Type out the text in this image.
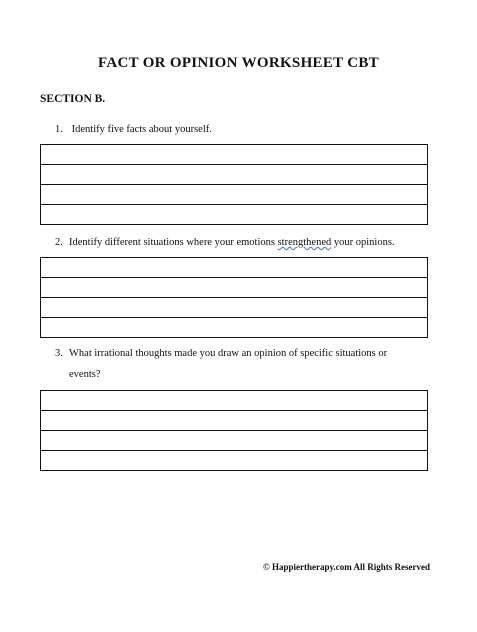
FACT OR OPINION WORKSHEET CBT
SECTION B.
1. Identify five facts about yourself.
2. Identify different situations where your emotions strengthened your opinions.
3. What irrational thoughts made you draw an opinion of specific situations or
events?
© Happiertherapy.com All Rights Reserved
